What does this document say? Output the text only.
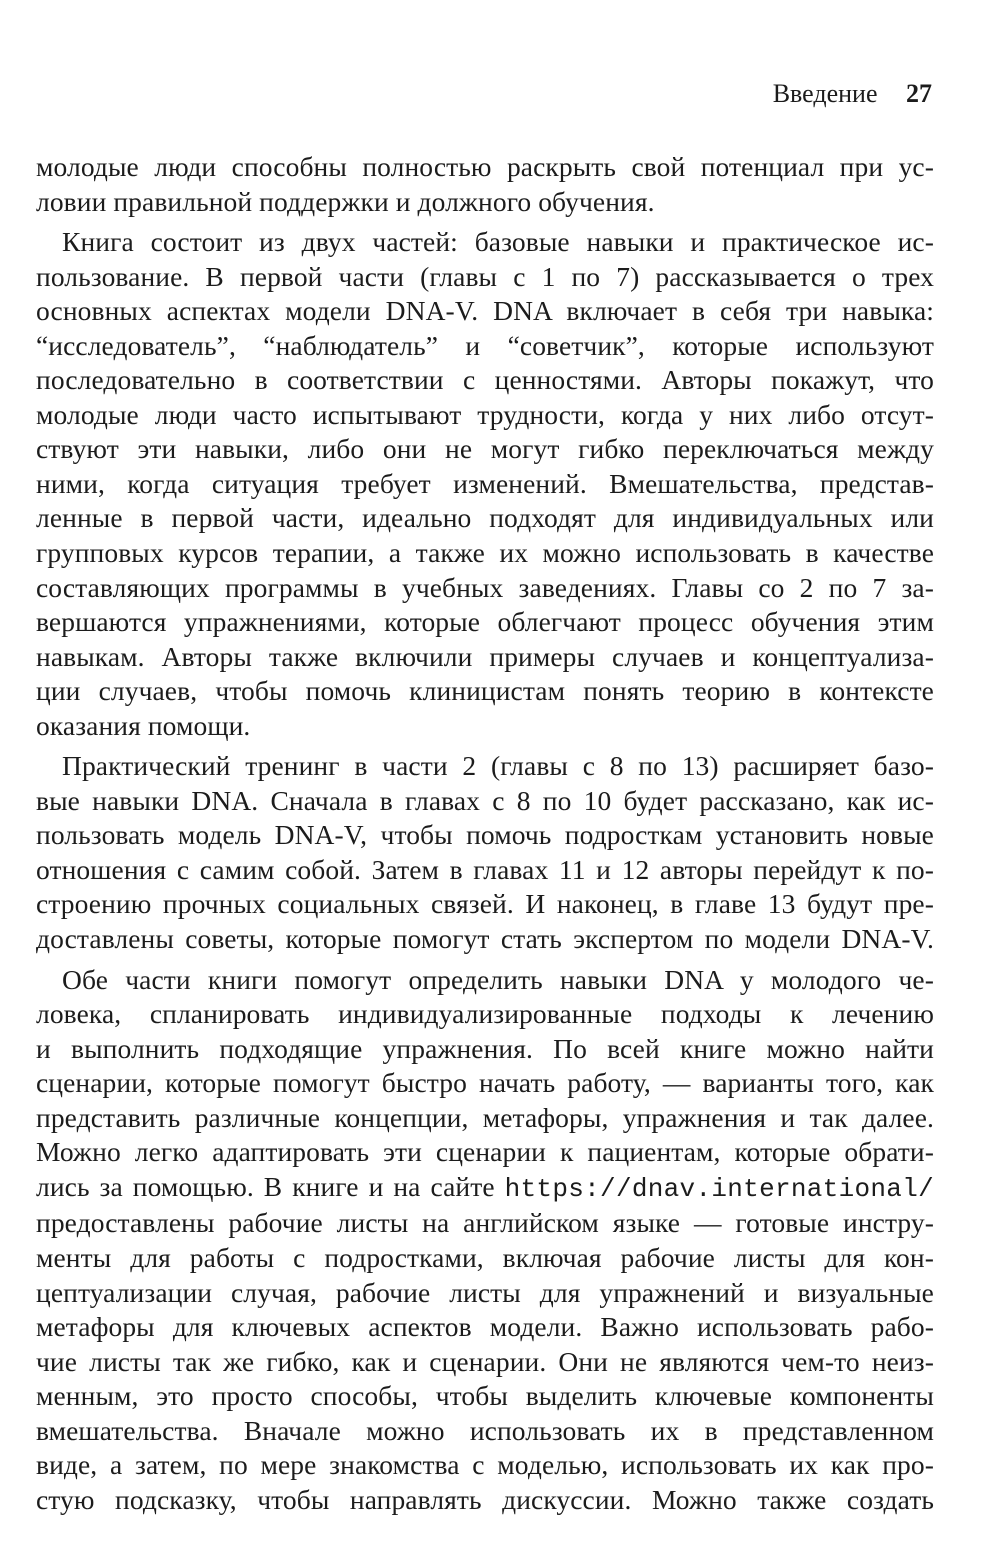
Введение 27

молодые люди способны полностью раскрыть свой потенциал при ус-

ловии правильной поддержки и должного обучения.

Книга состоит из двух частей: базовые навыки и практическое ис-

пользование. В первой части (главы с 1 по 7) рассказывается о трех

основных аспектах модели DNA-V. DNA включает в себя три навыка:

“исследователь”, “наблюдатель” и “советчик”, которые используют

последовательно в соответствии с ценностями. Авторы покажут, что

молодые люди часто испытывают трудности, когда у них либо отсут-

ствуют эти навыки, либо они не могут гибко переключаться между

ними, когда ситуация требует изменений. Вмешательства, представ-

ленные в первой части, идеально подходят для индивидуальных или

групповых курсов терапии, а также их можно использовать в качестве

составляющих программы в учебных заведениях. Главы со 2 по 7 за-

вершаются упражнениями, которые облегчают процесс обучения этим

навыкам. Авторы также включили примеры случаев и концептуализа-

ции случаев, чтобы помочь клиницистам понять теорию в контексте

оказания помощи.

Практический тренинг в части 2 (главы с 8 по 13) расширяет базо-

вые навыки DNA. Сначала в главах с 8 по 10 будет рассказано, как ис-

пользовать модель DNA-V, чтобы помочь подросткам установить новые

отношения с самим собой. Затем в главах 11 и 12 авторы перейдут к по-

строению прочных социальных связей. И наконец, в главе 13 будут пре-

доставлены советы, которые помогут стать экспертом по модели DNA-V.

Обе части книги помогут определить навыки DNA у молодого че-

ловека, спланировать индивидуализированные подходы к лечению

и выполнить подходящие упражнения. По всей книге можно найти

сценарии, которые помогут быстро начать работу, — варианты того, как

представить различные концепции, метафоры, упражнения и так далее.

Можно легко адаптировать эти сценарии к пациентам, которые обрати-

лись за помощью. В книге и на сайте https://dnav.international/

предоставлены рабочие листы на английском языке — готовые инстру-

менты для работы с подростками, включая рабочие листы для кон-

цептуализации случая, рабочие листы для упражнений и визуальные

метафоры для ключевых аспектов модели. Важно использовать рабо-

чие листы так же гибко, как и сценарии. Они не являются чем-то неиз-

менным, это просто способы, чтобы выделить ключевые компоненты

вмешательства. Вначале можно использовать их в представленном

виде, а затем, по мере знакомства с моделью, использовать их как про-

стую подсказку, чтобы направлять дискуссии. Можно также создать
